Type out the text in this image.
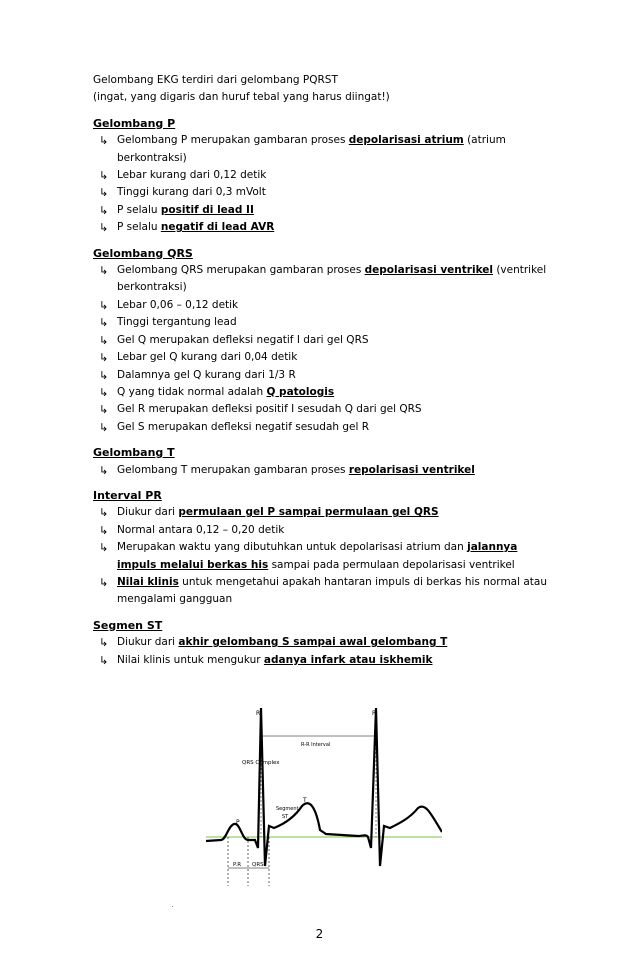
Gelombang EKG terdiri dari gelombang PQRST

(ingat, yang digaris dan huruf tebal yang harus diingat!)

Gelombang P

↳ Gelombang P merupakan gambaran proses depolarisasi atrium (atrium berkontraksi)
↳ Lebar kurang dari 0,12 detik
↳ Tinggi kurang dari 0,3 mVolt
↳ P selalu positif di lead II
↳ P selalu negatif di lead AVR

Gelombang QRS

↳ Gelombang QRS merupakan gambaran proses depolarisasi ventrikel (ventrikel berkontraksi)
↳ Lebar 0,06 – 0,12 detik
↳ Tinggi tergantung lead
↳ Gel Q merupakan defleksi negatif I dari gel QRS
↳ Lebar gel Q kurang dari 0,04 detik
↳ Dalamnya gel Q kurang dari 1/3 R
↳ Q yang tidak normal adalah Q patologis
↳ Gel R merupakan defleksi positif I sesudah Q dari gel QRS
↳ Gel S merupakan defleksi negatif sesudah gel R

Gelombang T

↳ Gelombang T merupakan gambaran proses repolarisasi ventrikel

Interval PR

↳ Diukur dari permulaan gel P sampai permulaan gel QRS
↳ Normal antara 0,12 – 0,20 detik
↳ Merupakan waktu yang dibutuhkan untuk depolarisasi atrium dan jalannya impuls melalui berkas his sampai pada permulaan depolarisasi ventrikel
↳ Nilai klinis untuk mengetahui apakah hantaran impuls di berkas his normal atau mengalami gangguan

Segmen ST

↳ Diukur dari akhir gelombang S sampai awal gelombang T
↳ Nilai klinis untuk mengukur adanya infark atau iskhemik
R	R
R-R Interval
QRS Complex
P
T
Segment
ST
P.R QRS
2
